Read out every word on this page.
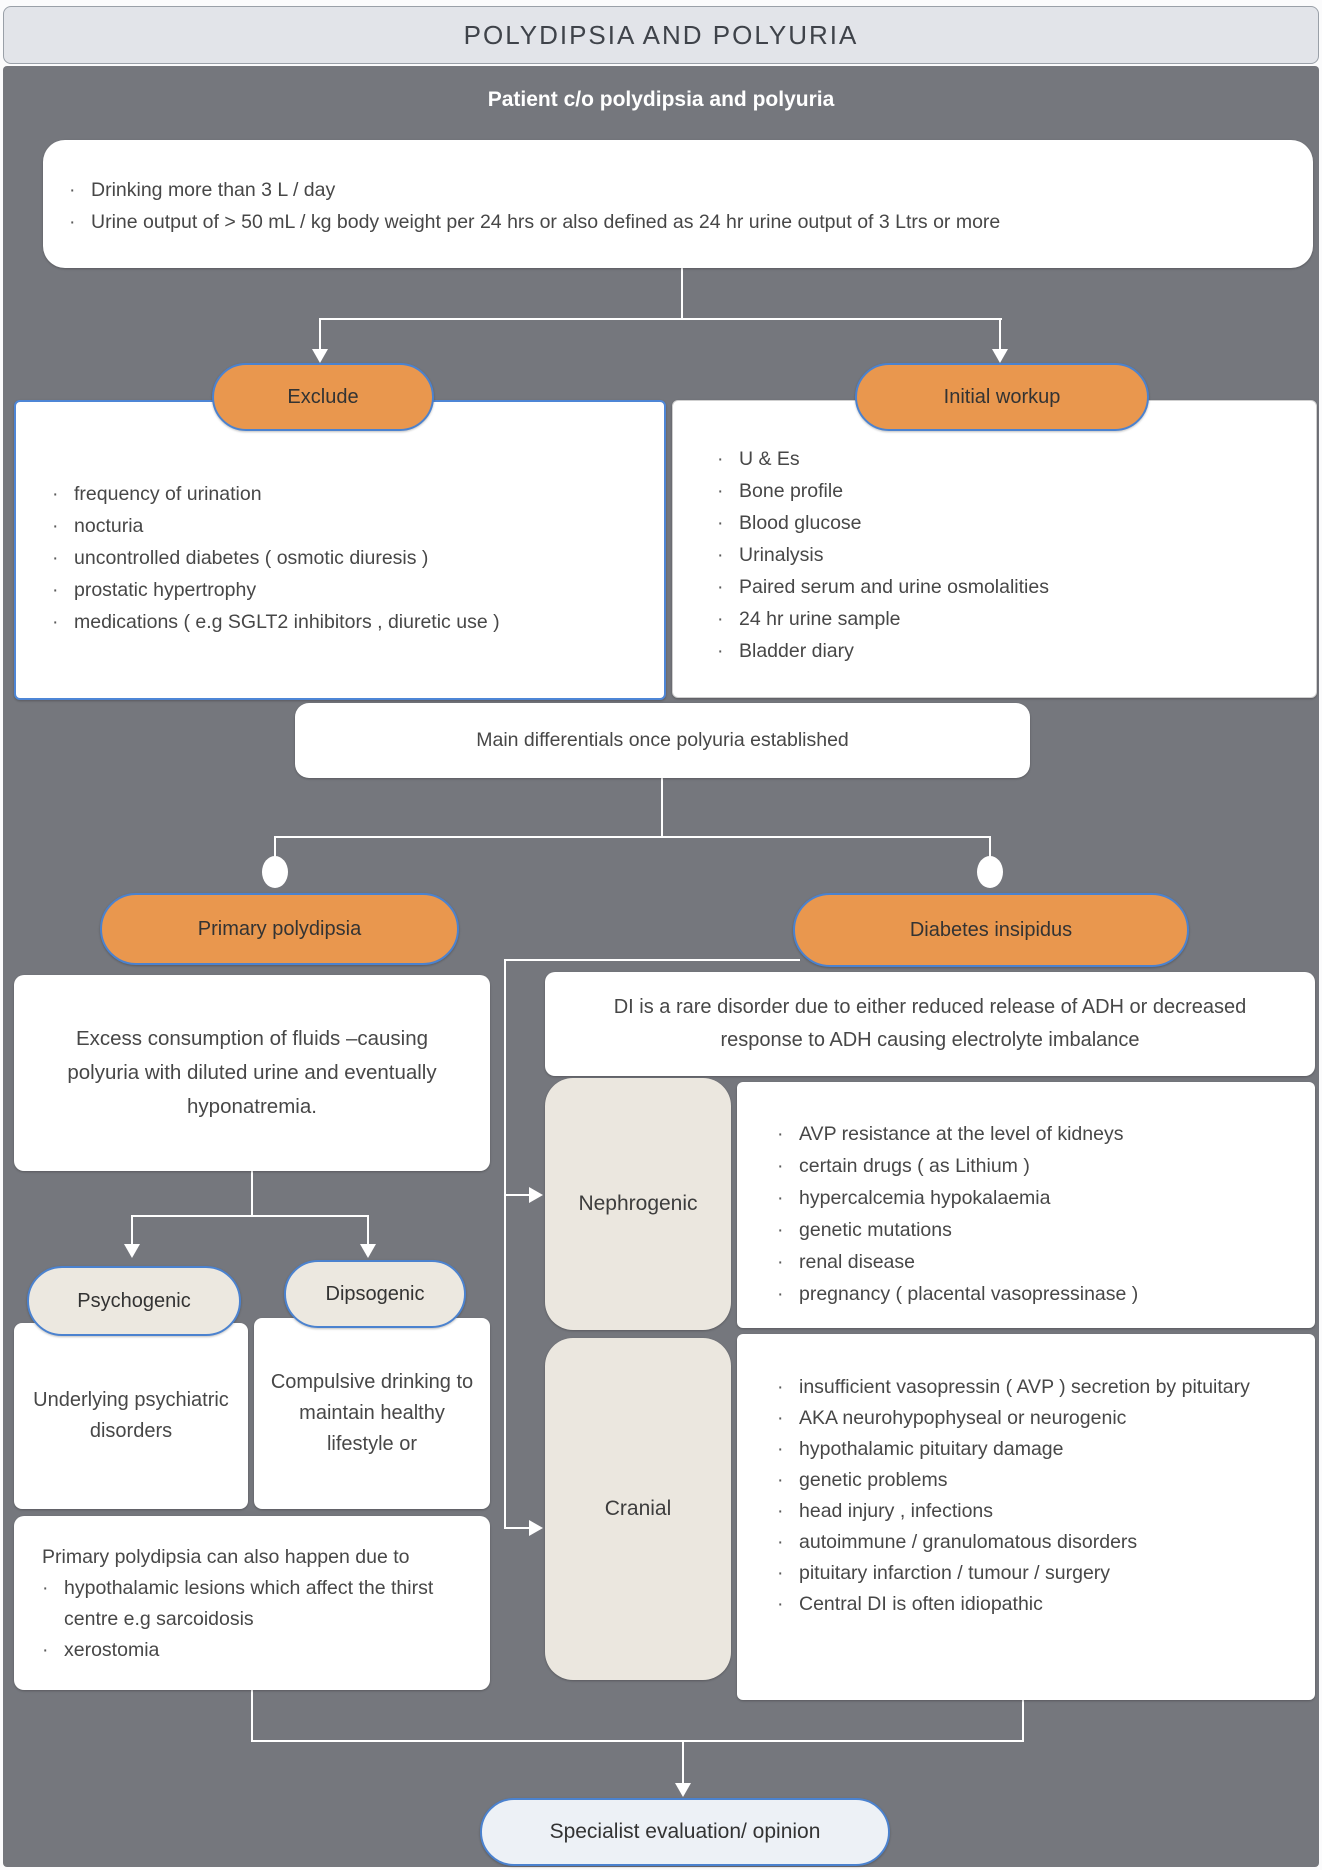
POLYDIPSIA AND POLYURIA
Patient c/o polydipsia and polyuria
· Drinking more than 3 L / day
· Urine output of > 50 mL / kg body weight per 24 hrs or also defined as 24 hr urine output of 3 Ltrs or more
· frequency of urination
· nocturia
· uncontrolled diabetes ( osmotic diuresis )
· prostatic hypertrophy
· medications ( e.g SGLT2 inhibitors , diuretic use )
Exclude
· U & Es
· Bone profile
· Blood glucose
· Urinalysis
· Paired serum and urine osmolalities
· 24 hr urine sample
· Bladder diary
Initial workup
Main differentials once polyuria established
Primary polydipsia
Excess consumption of fluids –causing polyuria with diluted urine and eventually hyponatremia.
Psychogenic	Dipsogenic
Underlying psychiatric disorders
Compulsive drinking to maintain healthy lifestyle or
Primary polydipsia can also happen due to
· hypothalamic lesions which affect the thirst centre e.g sarcoidosis
· xerostomia
Diabetes insipidus
DI is a rare disorder due to either reduced release of ADH or decreased response to ADH causing electrolyte imbalance
Nephrogenic
· AVP resistance at the level of kidneys
· certain drugs ( as Lithium )
· hypercalcemia hypokalaemia
· genetic mutations
· renal disease
· pregnancy ( placental vasopressinase )
Cranial
· insufficient vasopressin ( AVP ) secretion by pituitary
· AKA neurohypophyseal or neurogenic
· hypothalamic pituitary damage
· genetic problems
· head injury , infections
· autoimmune / granulomatous disorders
· pituitary infarction / tumour / surgery
· Central DI is often idiopathic
Specialist evaluation/ opinion
